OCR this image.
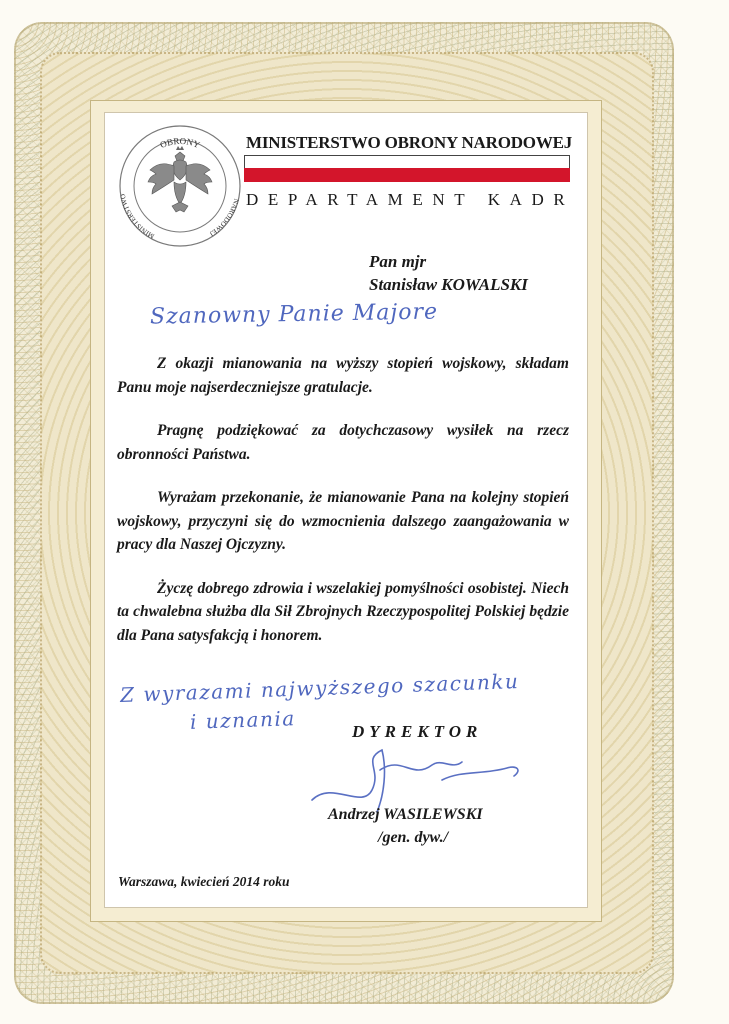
OBRONY
MINISTERSTWO
NARODOWEJ
MINISTERSTWO OBRONY NARODOWEJ
DEPARTAMENT KADR
Pan mjr
Stanisław KOWALSKI
Szanowny Panie Majore

Z okazji mianowania na wyższy stopień wojskowy, składam Panu moje najserdeczniejsze gratulacje.

Pragnę podziękować za dotychczasowy wysiłek na rzecz obronności Państwa.

Wyrażam przekonanie, że mianowanie Pana na kolejny stopień wojskowy, przyczyni się do wzmocnienia dalszego zaangażowania w pracy dla Naszej Ojczyzny.

Życzę dobrego zdrowia i wszelakiej pomyślności osobistej. Niech ta chwalebna służba dla Sił Zbrojnych Rzeczypospolitej Polskiej będzie dla Pana satysfakcją i honorem.

Z wyrazami najwyższego szacunku
i uznania	DYREKTOR
Andrzej WASILEWSKI
/gen. dyw./
Warszawa, kwiecień 2014 roku
